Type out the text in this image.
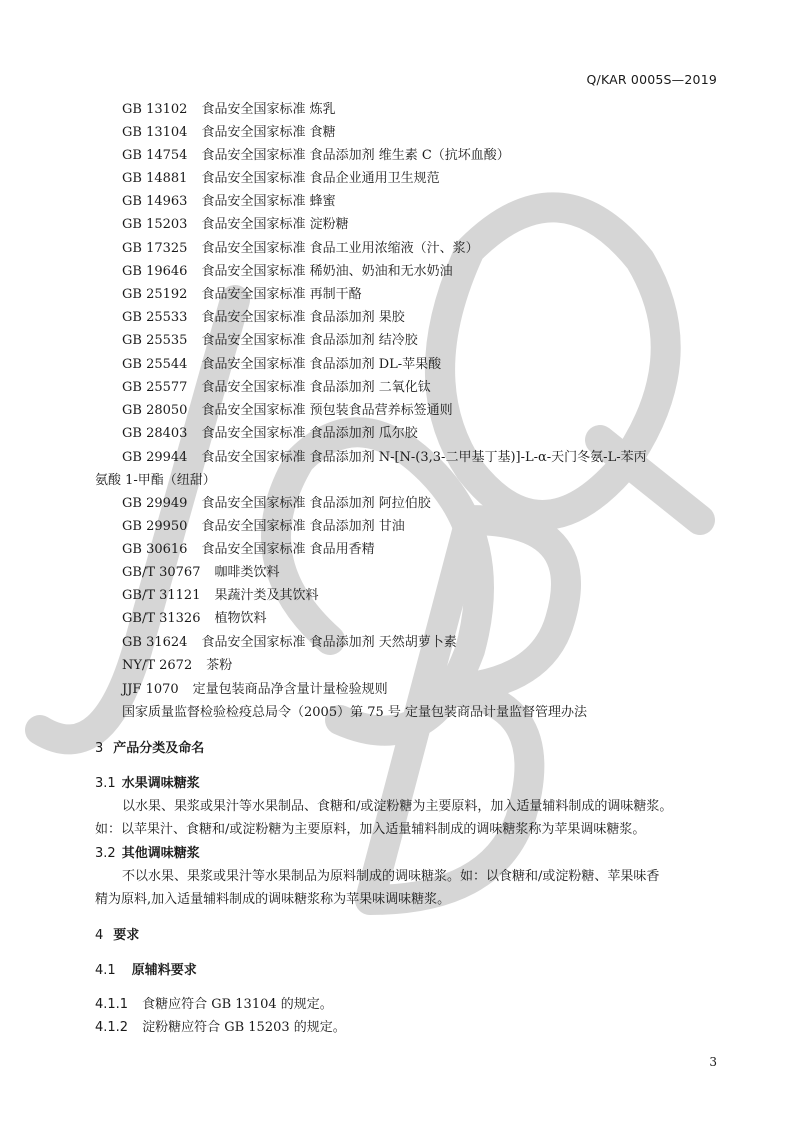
Q/KAR 0005S—2019
GB 13102 食品安全国家标准 炼乳
GB 13104 食品安全国家标准 食糖
GB 14754 食品安全国家标准 食品添加剂 维生素 C（抗坏血酸）
GB 14881 食品安全国家标准 食品企业通用卫生规范
GB 14963 食品安全国家标准 蜂蜜
GB 15203 食品安全国家标准 淀粉糖
GB 17325 食品安全国家标准 食品工业用浓缩液（汁、浆）
GB 19646 食品安全国家标准 稀奶油、奶油和无水奶油
GB 25192 食品安全国家标准 再制干酪
GB 25533 食品安全国家标准 食品添加剂 果胶
GB 25535 食品安全国家标准 食品添加剂 结冷胶
GB 25544 食品安全国家标准 食品添加剂 DL-苹果酸
GB 25577 食品安全国家标准 食品添加剂 二氧化钛
GB 28050 食品安全国家标准 预包装食品营养标签通则
GB 28403 食品安全国家标准 食品添加剂 瓜尔胶
GB 29944 食品安全国家标准 食品添加剂 N-[N-(3,3-二甲基丁基)]-L-α-天门冬氨-L-苯丙
氨酸 1-甲酯（纽甜）
GB 29949 食品安全国家标准 食品添加剂 阿拉伯胶
GB 29950 食品安全国家标准 食品添加剂 甘油
GB 30616 食品安全国家标准 食品用香精
GB/T 30767 咖啡类饮料
GB/T 31121 果蔬汁类及其饮料
GB/T 31326 植物饮料
GB 31624 食品安全国家标准 食品添加剂 天然胡萝卜素
NY/T 2672 茶粉
JJF 1070 定量包装商品净含量计量检验规则
国家质量监督检验检疫总局令（2005）第 75 号 定量包装商品计量监督管理办法
3 产品分类及命名
3.1 水果调味糖浆
以水果、果浆或果汁等水果制品、食糖和/或淀粉糖为主要原料，加入适量辅料制成的调味糖浆。
如：以苹果汁、食糖和/或淀粉糖为主要原料，加入适量辅料制成的调味糖浆称为苹果调味糖浆。
3.2 其他调味糖浆
不以水果、果浆或果汁等水果制品为原料制成的调味糖浆。如：以食糖和/或淀粉糖、苹果味香
精为原料,加入适量辅料制成的调味糖浆称为苹果味调味糖浆。
4 要求
4.1 原辅料要求
4.1.1 食糖应符合 GB 13104 的规定。
4.1.2 淀粉糖应符合 GB 15203 的规定。
3
